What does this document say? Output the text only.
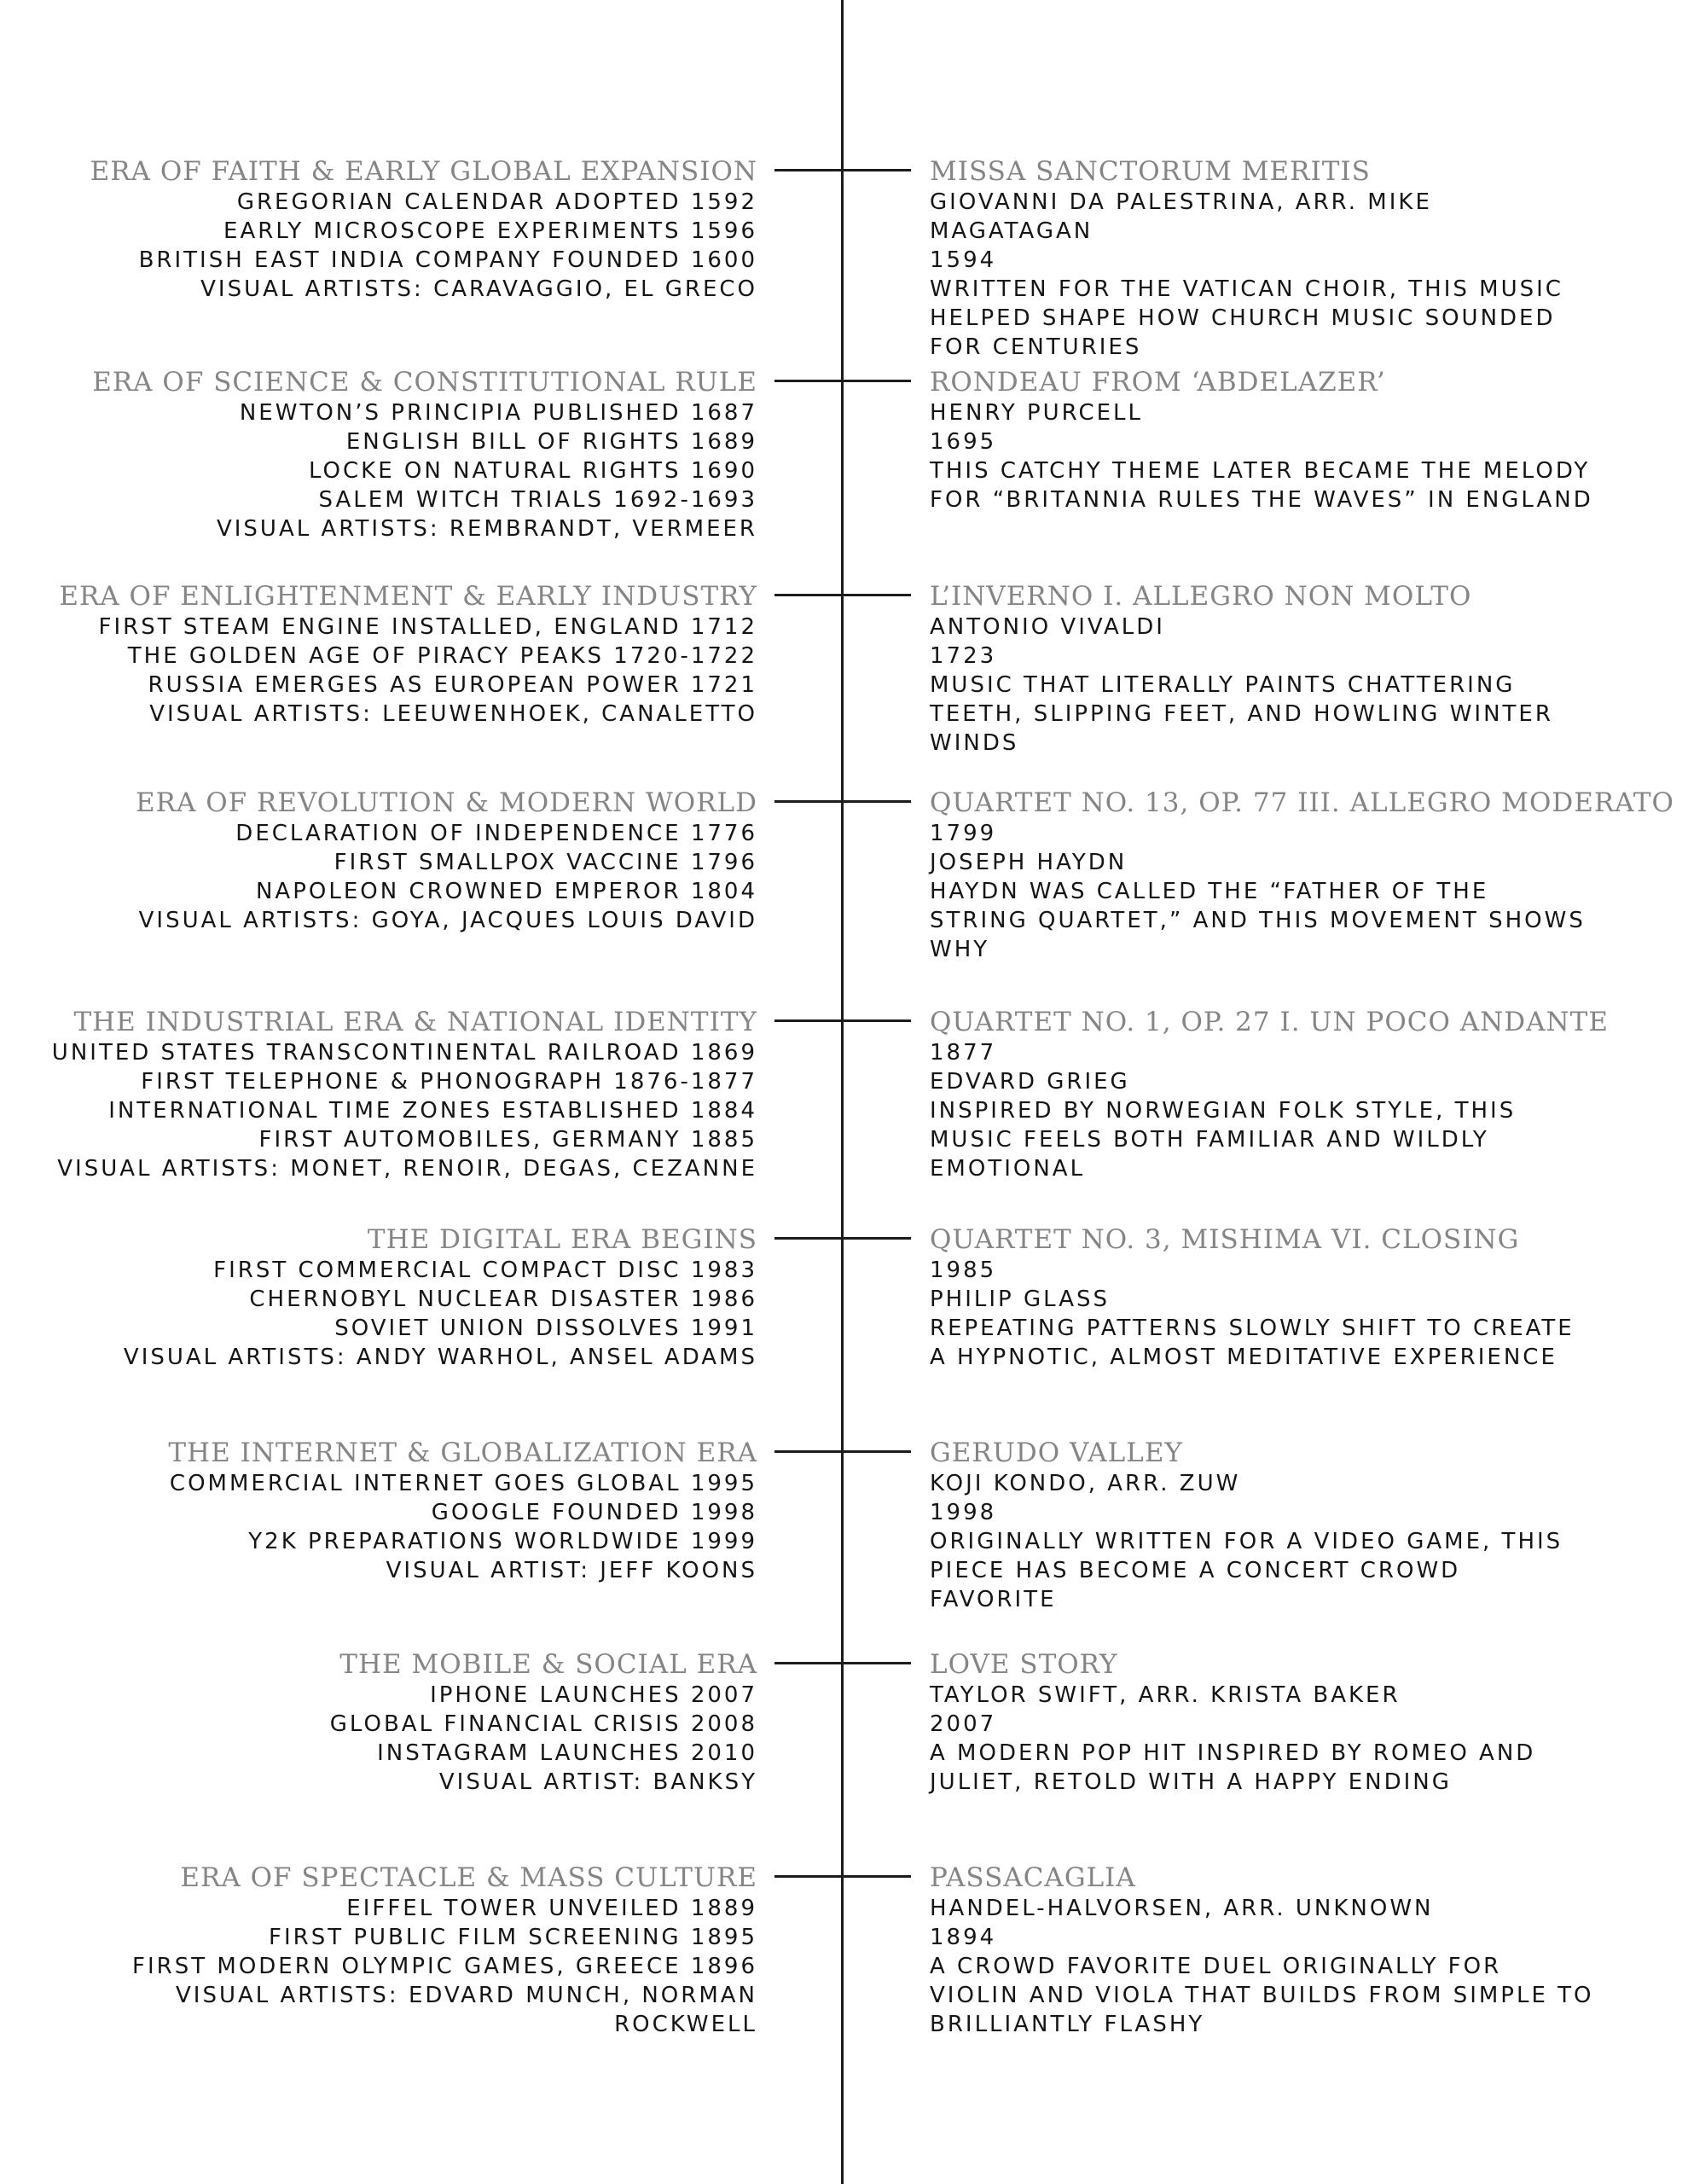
ERA OF FAITH & EARLY GLOBAL EXPANSION
GREGORIAN CALENDAR ADOPTED 1592
EARLY MICROSCOPE EXPERIMENTS 1596
BRITISH EAST INDIA COMPANY FOUNDED 1600
VISUAL ARTISTS: CARAVAGGIO, EL GRECO
MISSA SANCTORUM MERITIS
GIOVANNI DA PALESTRINA, ARR. MIKE MAGATAGAN
1594
WRITTEN FOR THE VATICAN CHOIR, THIS MUSIC HELPED SHAPE HOW CHURCH MUSIC SOUNDED FOR CENTURIES
ERA OF SCIENCE & CONSTITUTIONAL RULE
NEWTON’S PRINCIPIA PUBLISHED 1687
ENGLISH BILL OF RIGHTS 1689
LOCKE ON NATURAL RIGHTS 1690
SALEM WITCH TRIALS 1692-1693
VISUAL ARTISTS: REMBRANDT, VERMEER
RONDEAU FROM ‘ABDELAZER’
HENRY PURCELL
1695
THIS CATCHY THEME LATER BECAME THE MELODY FOR “BRITANNIA RULES THE WAVES” IN ENGLAND
ERA OF ENLIGHTENMENT & EARLY INDUSTRY
FIRST STEAM ENGINE INSTALLED, ENGLAND 1712
THE GOLDEN AGE OF PIRACY PEAKS 1720-1722
RUSSIA EMERGES AS EUROPEAN POWER 1721
VISUAL ARTISTS: LEEUWENHOEK, CANALETTO
L’INVERNO I. ALLEGRO NON MOLTO
ANTONIO VIVALDI
1723
MUSIC THAT LITERALLY PAINTS CHATTERING TEETH, SLIPPING FEET, AND HOWLING WINTER WINDS
ERA OF REVOLUTION & MODERN WORLD
DECLARATION OF INDEPENDENCE 1776
FIRST SMALLPOX VACCINE 1796
NAPOLEON CROWNED EMPEROR 1804
VISUAL ARTISTS: GOYA, JACQUES LOUIS DAVID
QUARTET NO. 13, OP. 77 III. ALLEGRO MODERATO
1799
JOSEPH HAYDN
HAYDN WAS CALLED THE “FATHER OF THE STRING QUARTET,” AND THIS MOVEMENT SHOWS WHY
THE INDUSTRIAL ERA & NATIONAL IDENTITY
UNITED STATES TRANSCONTINENTAL RAILROAD 1869
FIRST TELEPHONE & PHONOGRAPH 1876-1877
INTERNATIONAL TIME ZONES ESTABLISHED 1884
FIRST AUTOMOBILES, GERMANY 1885
VISUAL ARTISTS: MONET, RENOIR, DEGAS, CEZANNE
QUARTET NO. 1, OP. 27 I. UN POCO ANDANTE
1877
EDVARD GRIEG
INSPIRED BY NORWEGIAN FOLK STYLE, THIS MUSIC FEELS BOTH FAMILIAR AND WILDLY EMOTIONAL
THE DIGITAL ERA BEGINS
FIRST COMMERCIAL COMPACT DISC 1983
CHERNOBYL NUCLEAR DISASTER 1986
SOVIET UNION DISSOLVES 1991
VISUAL ARTISTS: ANDY WARHOL, ANSEL ADAMS
QUARTET NO. 3, MISHIMA VI. CLOSING
1985
PHILIP GLASS
REPEATING PATTERNS SLOWLY SHIFT TO CREATE A HYPNOTIC, ALMOST MEDITATIVE EXPERIENCE
THE INTERNET & GLOBALIZATION ERA
COMMERCIAL INTERNET GOES GLOBAL 1995
GOOGLE FOUNDED 1998
Y2K PREPARATIONS WORLDWIDE 1999
VISUAL ARTIST: JEFF KOONS
GERUDO VALLEY
KOJI KONDO, ARR. ZUW
1998
ORIGINALLY WRITTEN FOR A VIDEO GAME, THIS PIECE HAS BECOME A CONCERT CROWD FAVORITE
THE MOBILE & SOCIAL ERA
IPHONE LAUNCHES 2007
GLOBAL FINANCIAL CRISIS 2008
INSTAGRAM LAUNCHES 2010
VISUAL ARTIST: BANKSY
LOVE STORY
TAYLOR SWIFT, ARR. KRISTA BAKER
2007
A MODERN POP HIT INSPIRED BY ROMEO AND JULIET, RETOLD WITH A HAPPY ENDING
ERA OF SPECTACLE & MASS CULTURE
EIFFEL TOWER UNVEILED 1889
FIRST PUBLIC FILM SCREENING 1895
FIRST MODERN OLYMPIC GAMES, GREECE 1896
VISUAL ARTISTS: EDVARD MUNCH, NORMAN ROCKWELL
PASSACAGLIA
HANDEL-HALVORSEN, ARR. UNKNOWN
1894
A CROWD FAVORITE DUEL ORIGINALLY FOR VIOLIN AND VIOLA THAT BUILDS FROM SIMPLE TO BRILLIANTLY FLASHY
